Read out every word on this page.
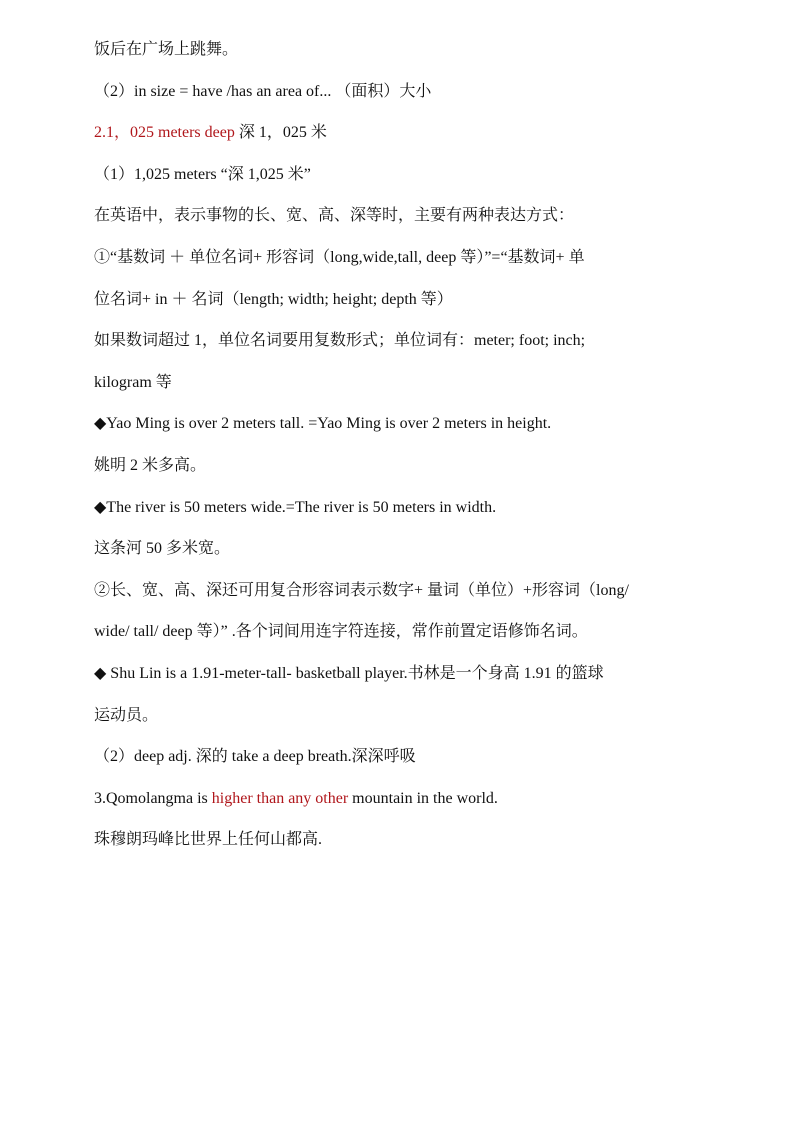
饭后在广场上跳舞。
（2）in size = have /has an area of... （面积）大小
2.1，025 meters deep 深 1，025 米
（1）1,025 meters “深 1,025 米”
在英语中，表示事物的长、宽、高、深等时，主要有两种表达方式：
①“基数词 ＋ 单位名词+ 形容词（long,wide,tall, deep 等）”=“基数词+ 单
位名词+ in ＋ 名词（length; width; height; depth 等）
如果数词超过 1，单位名词要用复数形式；单位词有：meter; foot; inch;
kilogram 等
◆Yao Ming is over 2 meters tall. =Yao Ming is over 2 meters in height.
姚明 2 米多高。
◆The river is 50 meters wide.=The river is 50 meters in width.
这条河 50 多米宽。
②长、宽、高、深还可用复合形容词表示数字+ 量词（单位）+形容词（long/
wide/ tall/ deep 等）” .各个词间用连字符连接，常作前置定语修饰名词。
◆ Shu Lin is a 1.91-meter-tall- basketball player.书林是一个身高 1.91 的篮球
运动员。
（2）deep adj. 深的 take a deep breath.深深呼吸
3.Qomolangma is higher than any other mountain in the world.
珠穆朗玛峰比世界上任何山都高.
